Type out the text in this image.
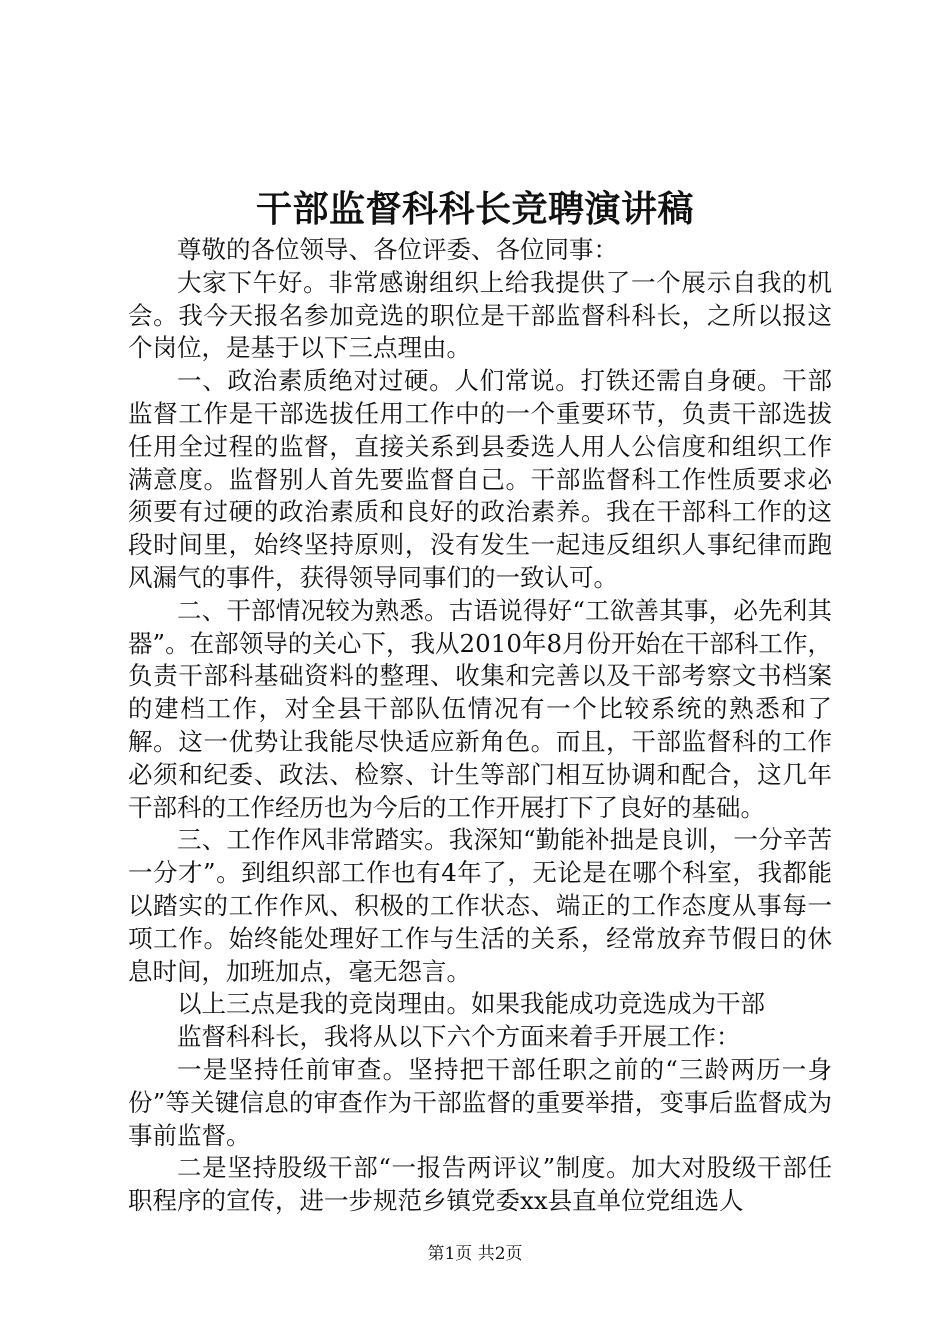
干部监督科科长竞聘演讲稿

尊敬的各位领导、各位评委、各位同事：

大家下午好。非常感谢组织上给我提供了一个展示自我的机会。我今天报名参加竞选的职位是干部监督科科长，之所以报这个岗位，是基于以下三点理由。

一、政治素质绝对过硬。人们常说。打铁还需自身硬。干部监督工作是干部选拔任用工作中的一个重要环节，负责干部选拔任用全过程的监督，直接关系到县委选人用人公信度和组织工作满意度。监督别人首先要监督自己。干部监督科工作性质要求必须要有过硬的政治素质和良好的政治素养。我在干部科工作的这段时间里，始终坚持原则，没有发生一起违反组织人事纪律而跑风漏气的事件，获得领导同事们的一致认可。

二、干部情况较为熟悉。古语说得好“工欲善其事，必先利其器”。在部领导的关心下，我从2010年8月份开始在干部科工作，负责干部科基础资料的整理、收集和完善以及干部考察文书档案的建档工作，对全县干部队伍情况有一个比较系统的熟悉和了解。这一优势让我能尽快适应新角色。而且，干部监督科的工作必须和纪委、政法、检察、计生等部门相互协调和配合，这几年干部科的工作经历也为今后的工作开展打下了良好的基础。

三、工作作风非常踏实。我深知“勤能补拙是良训，一分辛苦一分才”。到组织部工作也有4年了，无论是在哪个科室，我都能以踏实的工作作风、积极的工作状态、端正的工作态度从事每一项工作。始终能处理好工作与生活的关系，经常放弃节假日的休息时间，加班加点，毫无怨言。

以上三点是我的竞岗理由。如果我能成功竞选成为干部

监督科科长，我将从以下六个方面来着手开展工作：

一是坚持任前审查。坚持把干部任职之前的“三龄两历一身份”等关键信息的审查作为干部监督的重要举措，变事后监督成为事前监督。

二是坚持股级干部“一报告两评议”制度。加大对股级干部任职程序的宣传，进一步规范乡镇党委xx县直单位党组选人

第1页 共2页
